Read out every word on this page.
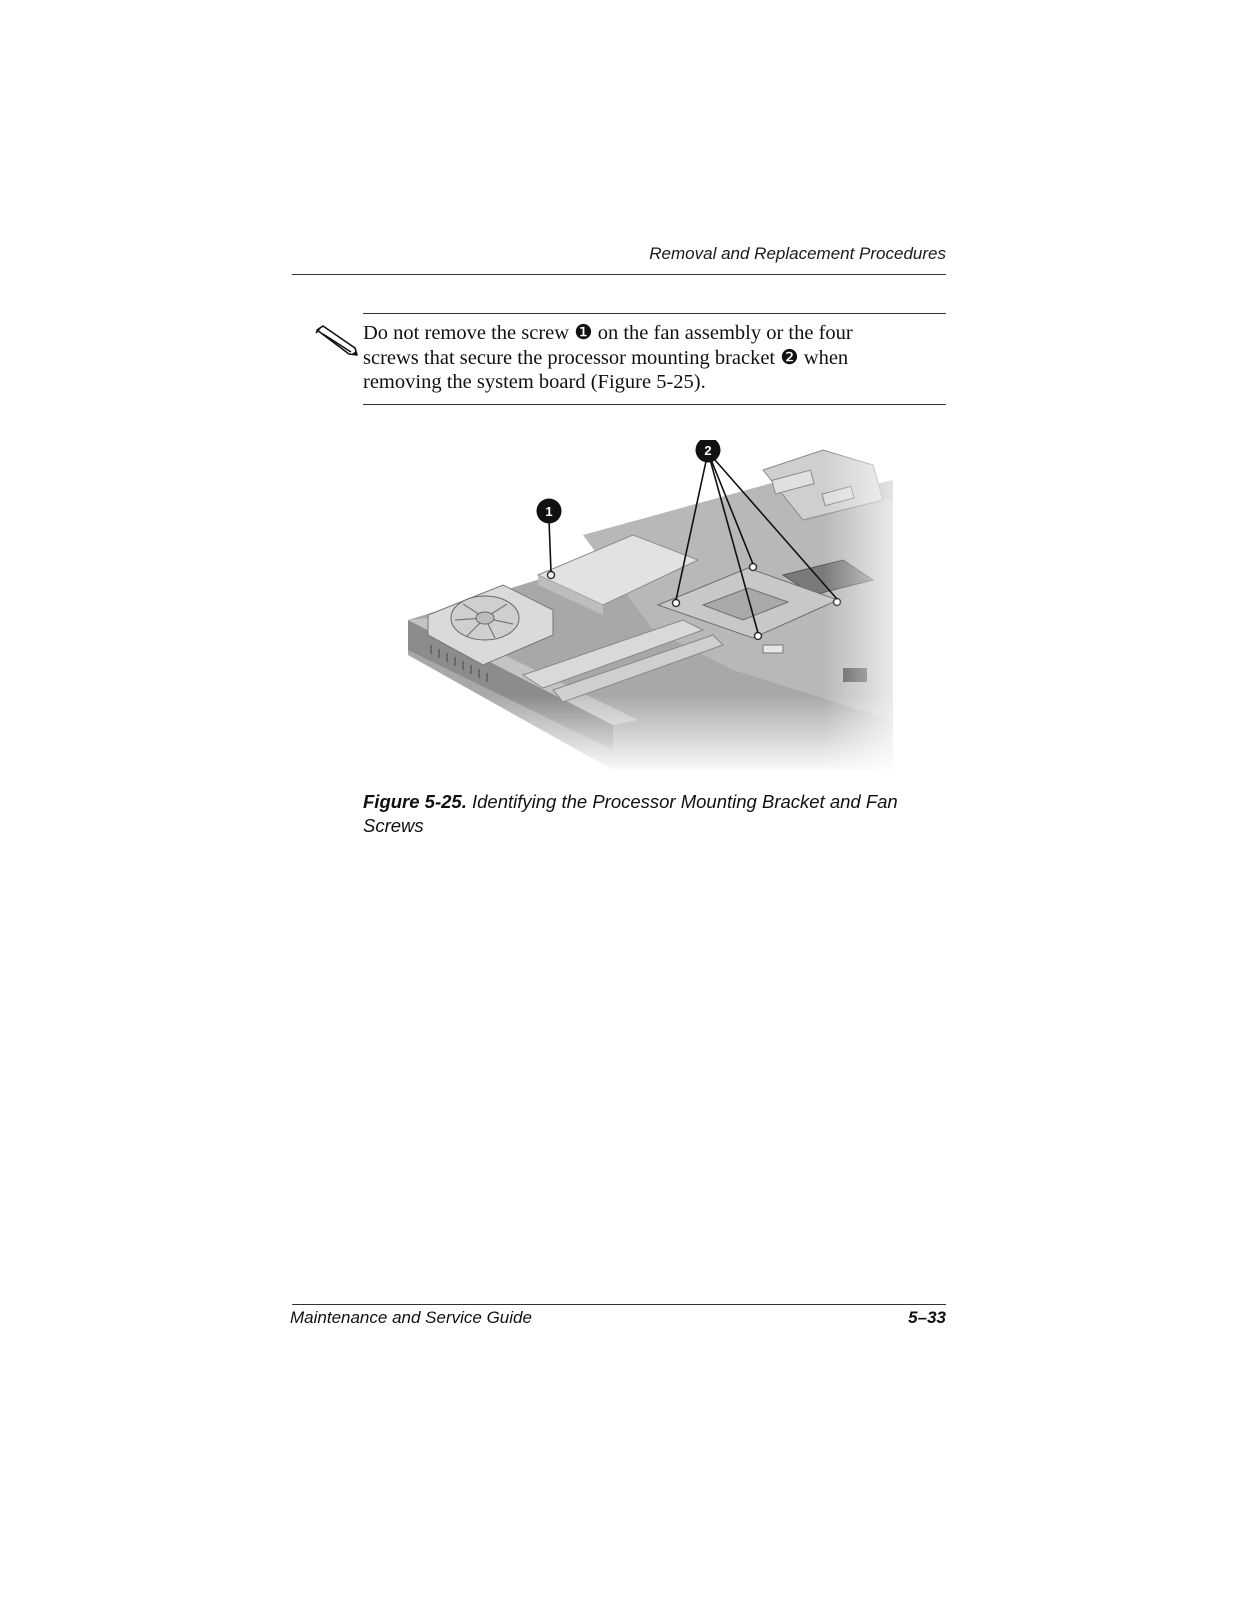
Removal and Replacement Procedures
Do not remove the screw ❶ on the fan assembly or the four
screws that secure the processor mounting bracket ❷ when
removing the system board (Figure 5-25).
1
2
Figure 5-25. Identifying the Processor Mounting Bracket and Fan
Screws
Maintenance and Service Guide	5–33
